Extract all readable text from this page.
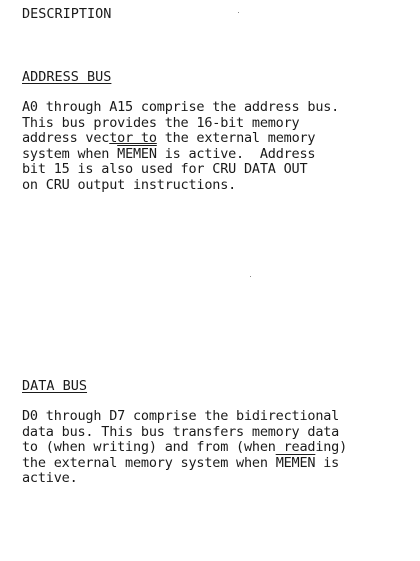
DESCRIPTION
ADDRESS BUS
A0 through A15 comprise the address bus.
This bus provides the 16-bit memory
address vector to the external memory
system when MEMEN is active.  Address
bit 15 is also used for CRU DATA OUT
on CRU output instructions.
DATA BUS
D0 through D7 comprise the bidirectional
data bus. This bus transfers memory data
to (when writing) and from (when reading)
the external memory system when MEMEN is
active.
